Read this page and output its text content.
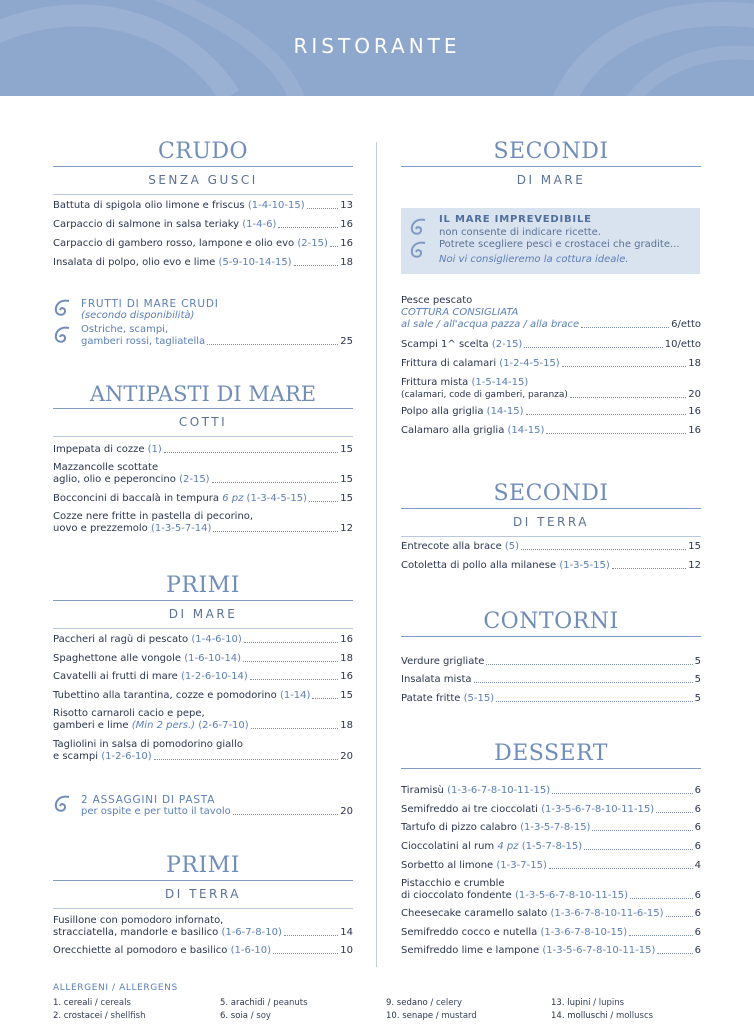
RISTORANTE
CRUDO
SENZA GUSCI
Battuta di spigola olio limone e friscus (1-4-10-15)	13
Carpaccio di salmone in salsa teriaky (1-4-6)	16
Carpaccio di gambero rosso, lampone e olio evo (2-15) 16
Insalata di polpo, olio evo e lime (5-9-10-14-15)	18
FRUTTI DI MARE CRUDI
(secondo disponibilità)
Ostriche, scampi,
gamberi rossi, tagliatella	25
ANTIPASTI DI MARE
COTTI
Impepata di cozze (1)	15
Mazzancolle scottate
aglio, olio e peperoncino (2-15)	15
Bocconcini di baccalà in tempura 6 pz (1-3-4-5-15)	15
Cozze nere fritte in pastella di pecorino,
uovo e prezzemolo (1-3-5-7-14)	12
PRIMI
DI MARE
Paccheri al ragù di pescato (1-4-6-10)	16
Spaghettone alle vongole (1-6-10-14)	18
Cavatelli ai frutti di mare (1-2-6-10-14)	16
Tubettino alla tarantina, cozze e pomodorino (1-14)	15
Risotto carnaroli cacio e pepe,
gamberi e lime (Min 2 pers.) (2-6-7-10)	18
Tagliolini in salsa di pomodorino giallo
e scampi (1-2-6-10)	20
2 ASSAGGINI DI PASTA
per ospite e per tutto il tavolo	20
PRIMI
DI TERRA
Fusillone con pomodoro infornato,
stracciatella, mandorle e basilico (1-6-7-8-10)	14
Orecchiette al pomodoro e basilico (1-6-10)	10
SECONDI
DI MARE
IL MARE IMPREVEDIBILE
non consente di indicare ricette.
Potrete scegliere pesci e crostacei che gradite...
Noi vi consiglieremo la cottura ideale.
Pesce pescato
COTTURA CONSIGLIATA
al sale / all'acqua pazza / alla brace	6/etto
Scampi 1^ scelta (2-15)	10/etto
Frittura di calamari (1-2-4-5-15)	18
Frittura mista (1-5-14-15)
(calamari, code di gamberi, paranza)	20
Polpo alla griglia (14-15)	16
Calamaro alla griglia (14-15)	16
SECONDI
DI TERRA
Entrecote alla brace (5)	15
Cotoletta di pollo alla milanese (1-3-5-15)	12
CONTORNI
Verdure grigliate	5
Insalata mista	5
Patate fritte (5-15)	5
DESSERT
Tiramisù (1-3-6-7-8-10-11-15)	6
Semifreddo ai tre cioccolati (1-3-5-6-7-8-10-11-15)	6
Tartufo di pizzo calabro (1-3-5-7-8-15)	6
Cioccolatini al rum 4 pz (1-5-7-8-15)	6
Sorbetto al limone (1-3-7-15)	4
Pistacchio e crumble
di cioccolato fondente (1-3-5-6-7-8-10-11-15)	6
Cheesecake caramello salato (1-3-6-7-8-10-11-6-15)	6
Semifreddo cocco e nutella (1-3-6-7-8-10-15)	6
Semifreddo lime e lampone (1-3-5-6-7-8-10-11-15)	6
ALLERGENI / ALLERGENS
1. cereali / cereals
2. crostacei / shellfish
5. arachidi / peanuts
6. soia / soy
9. sedano / celery
10. senape / mustard
13. lupini / lupins
14. molluschi / molluscs
